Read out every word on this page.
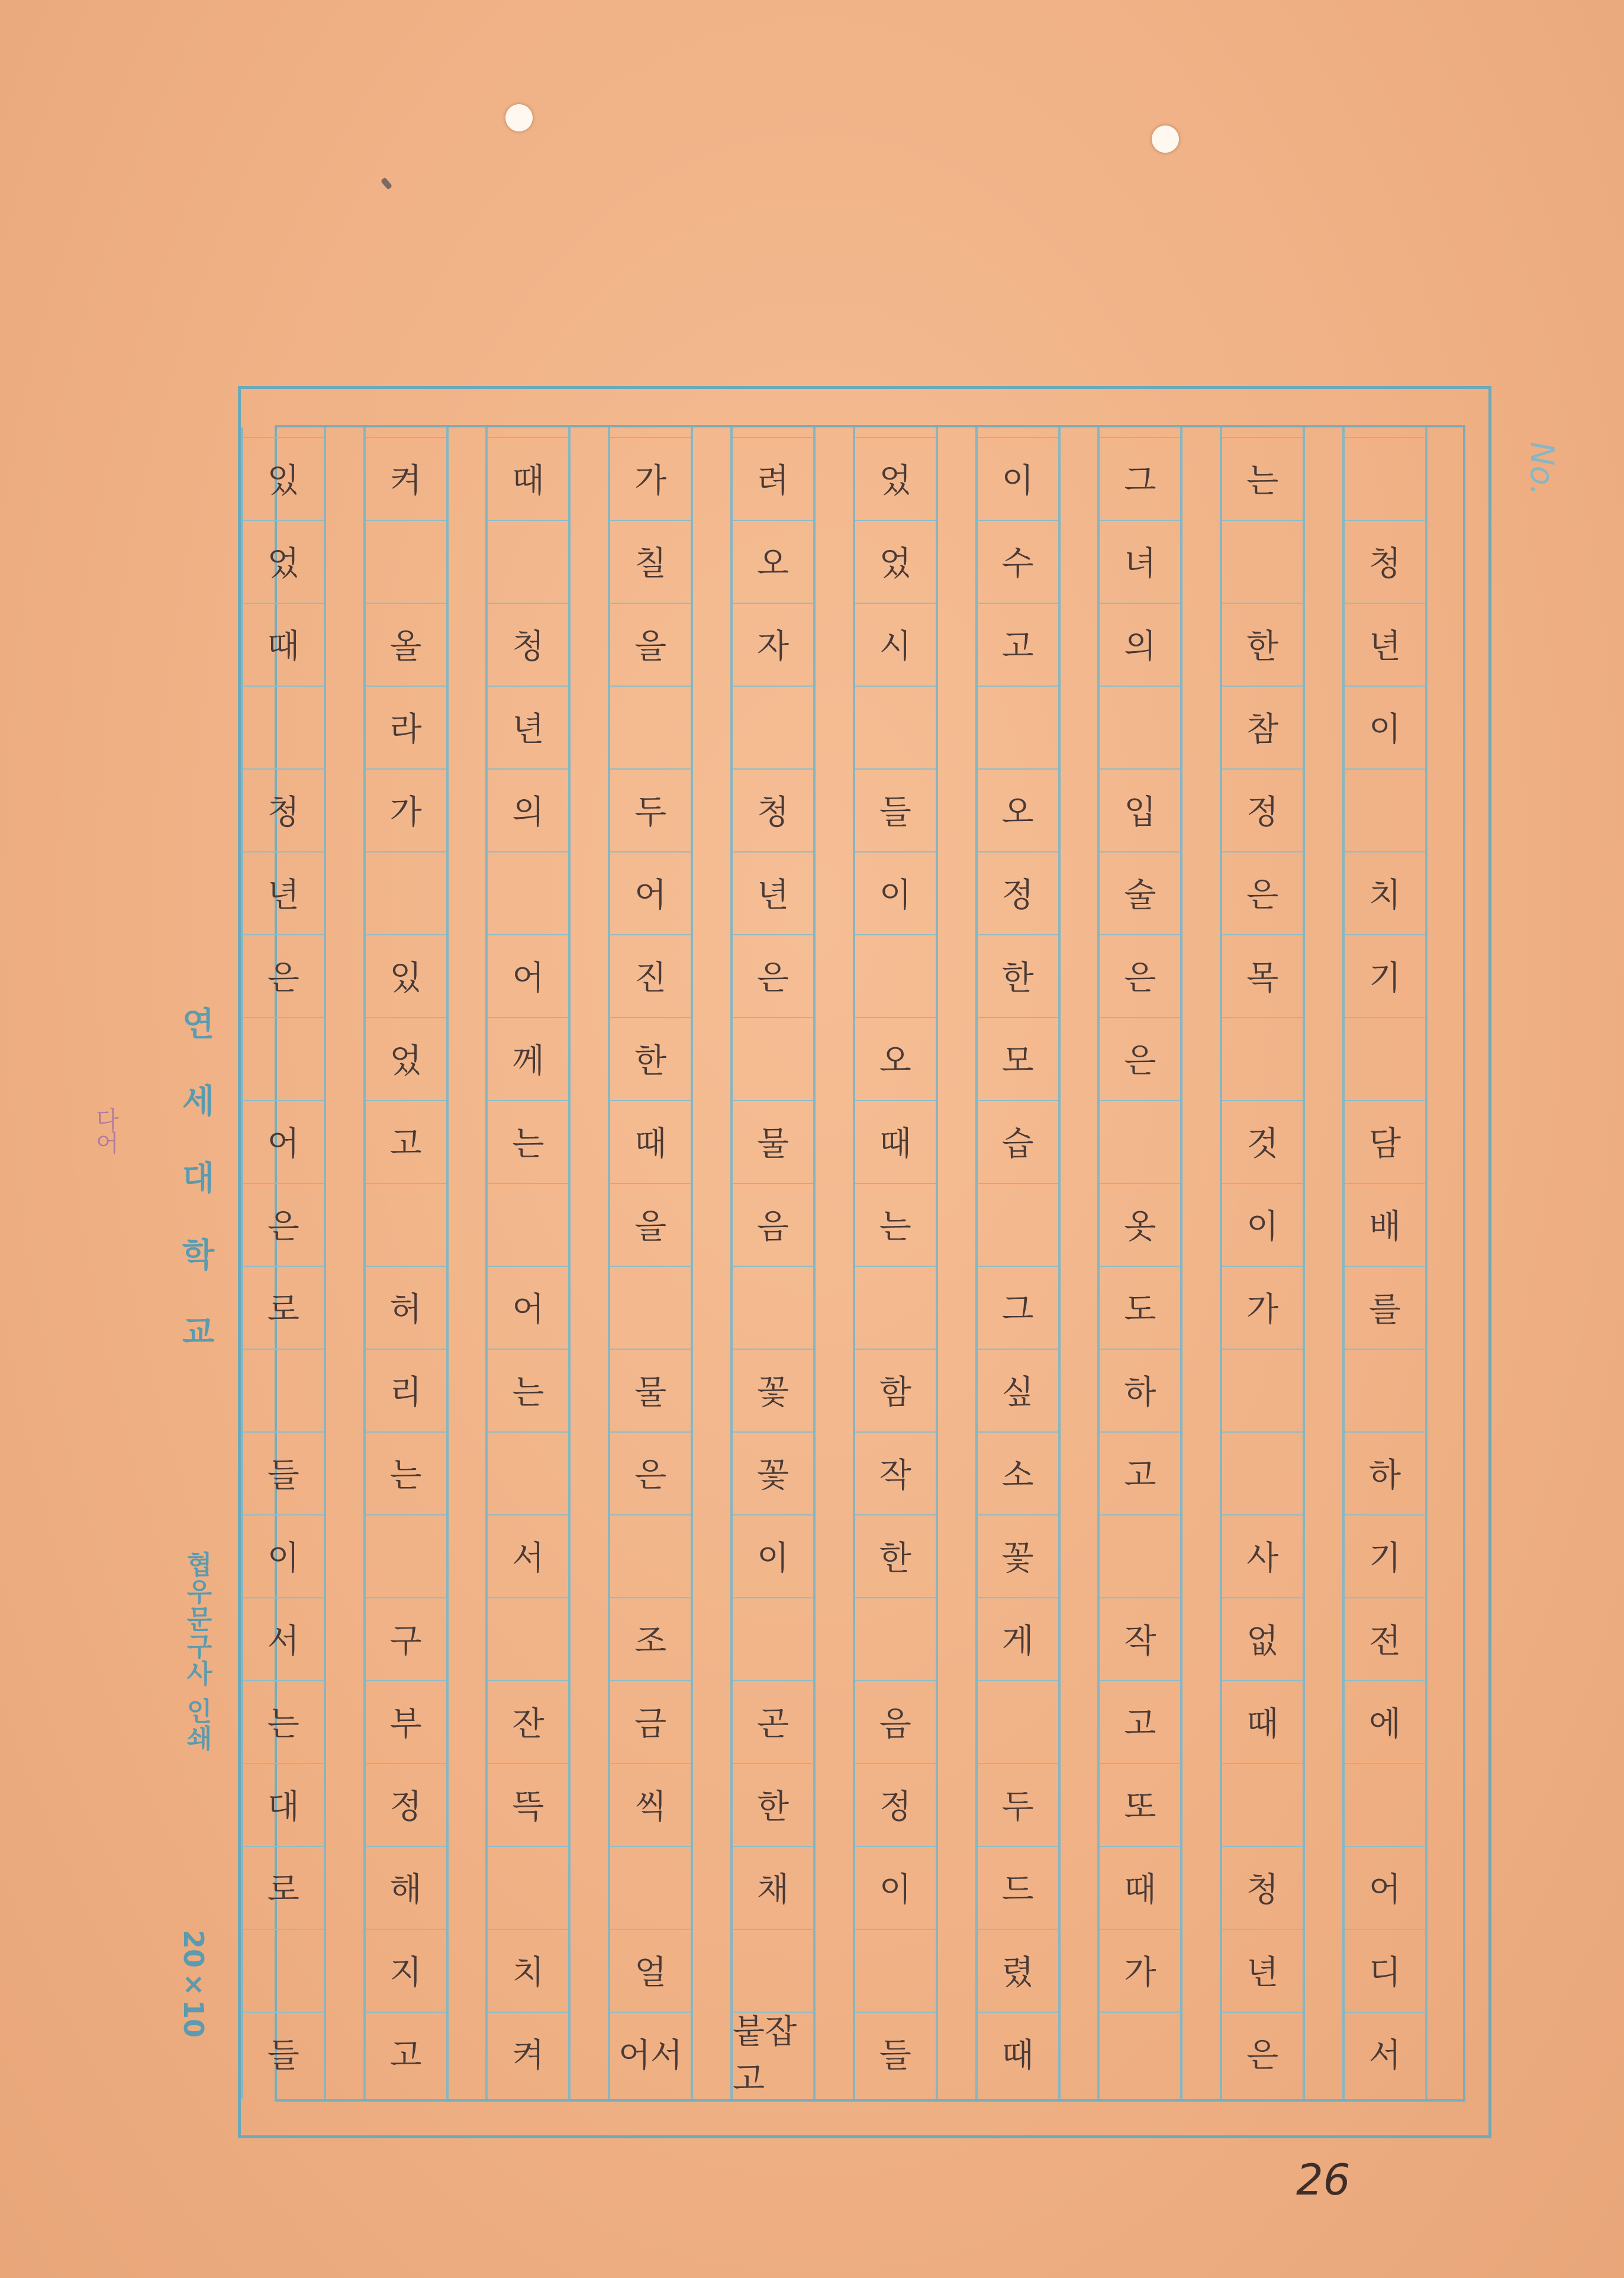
청
년
이
치
기
담
배
를
하
기
전
에
어
디
서
는
한
참
정
은
목
것
이
가
사
없
때
청
년
은
그
녀
의
입
술
은
은
옷
도
하
고
작
고
또
때
가
이
수
고
오
정
한
모
습
그
싶
소
꽃
게
두
드
렸
때
었
었
시
들
이
오
때
는
함
작
한
음
정
이
들
려
오
자
청
년
은
물
음
꽃
꽃
이
곤
한
채
붙잡고
가
칠
을
두
어
진
한
때
을
물
은
조
금
씩
얼
어서
때
청
년
의
어
께
는
어
는
서
잔
뜩
치
켜
켜
올
라
가
있
었
고
허
리
는
구
부
정
해
지
고
있
었
때
청
년
은
어
은
로
들
이
서
는
대
로
들
No.
연세대학교
협우문구사 인쇄
20×10
다어
26
